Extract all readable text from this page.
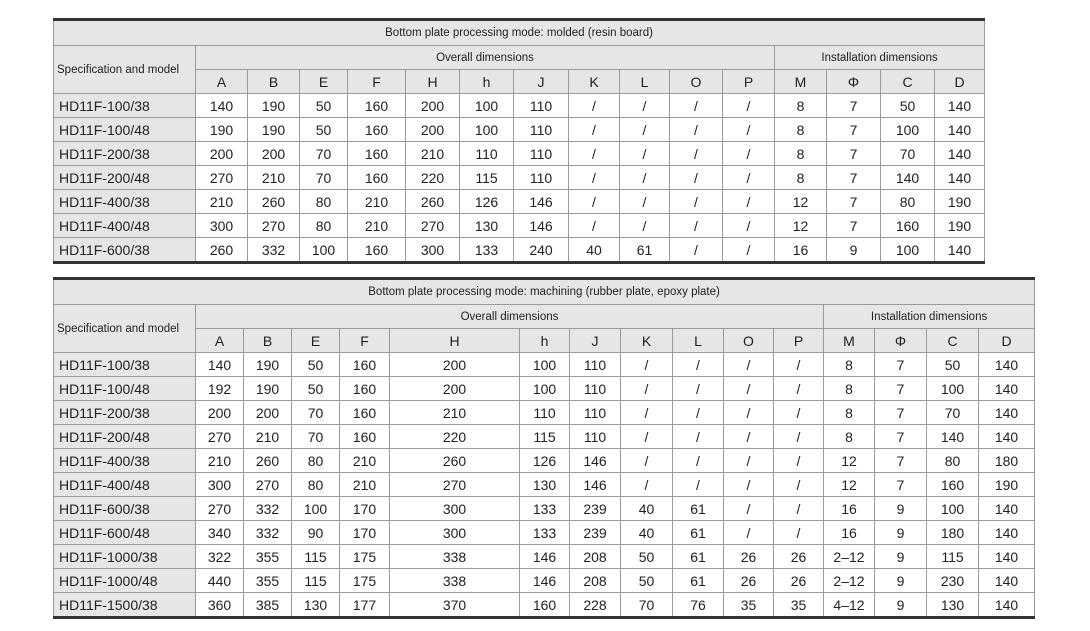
Bottom plate processing mode: molded (resin board)															
Specification and model	Overall dimensions											Installation dimensions			
	A	B	E	F	H	h	J	K	L	O	P	M	Φ	C	D
HD11F-100/38	140	190	50	160	200	100	110	/	/	/	/	8	7	50	140
HD11F-100/48	190	190	50	160	200	100	110	/	/	/	/	8	7	100	140
HD11F-200/38	200	200	70	160	210	110	110	/	/	/	/	8	7	70	140
HD11F-200/48	270	210	70	160	220	115	110	/	/	/	/	8	7	140	140
HD11F-400/38	210	260	80	210	260	126	146	/	/	/	/	12	7	80	190
HD11F-400/48	300	270	80	210	270	130	146	/	/	/	/	12	7	160	190
HD11F-600/38	260	332	100	160	300	133	240	40	61	/	/	16	9	100	140
Bottom plate processing mode: machining (rubber plate, epoxy plate)															
Specification and model	Overall dimensions											Installation dimensions			
	A	B	E	F	H	h	J	K	L	O	P	M	Φ	C	D
HD11F-100/38	140	190	50	160	200	100	110	/	/	/	/	8	7	50	140
HD11F-100/48	192	190	50	160	200	100	110	/	/	/	/	8	7	100	140
HD11F-200/38	200	200	70	160	210	110	110	/	/	/	/	8	7	70	140
HD11F-200/48	270	210	70	160	220	115	110	/	/	/	/	8	7	140	140
HD11F-400/38	210	260	80	210	260	126	146	/	/	/	/	12	7	80	180
HD11F-400/48	300	270	80	210	270	130	146	/	/	/	/	12	7	160	190
HD11F-600/38	270	332	100	170	300	133	239	40	61	/	/	16	9	100	140
HD11F-600/48	340	332	90	170	300	133	239	40	61	/	/	16	9	180	140
HD11F-1000/38	322	355	115	175	338	146	208	50	61	26	26	2–12	9	115	140
HD11F-1000/48	440	355	115	175	338	146	208	50	61	26	26	2–12	9	230	140
HD11F-1500/38	360	385	130	177	370	160	228	70	76	35	35	4–12	9	130	140
